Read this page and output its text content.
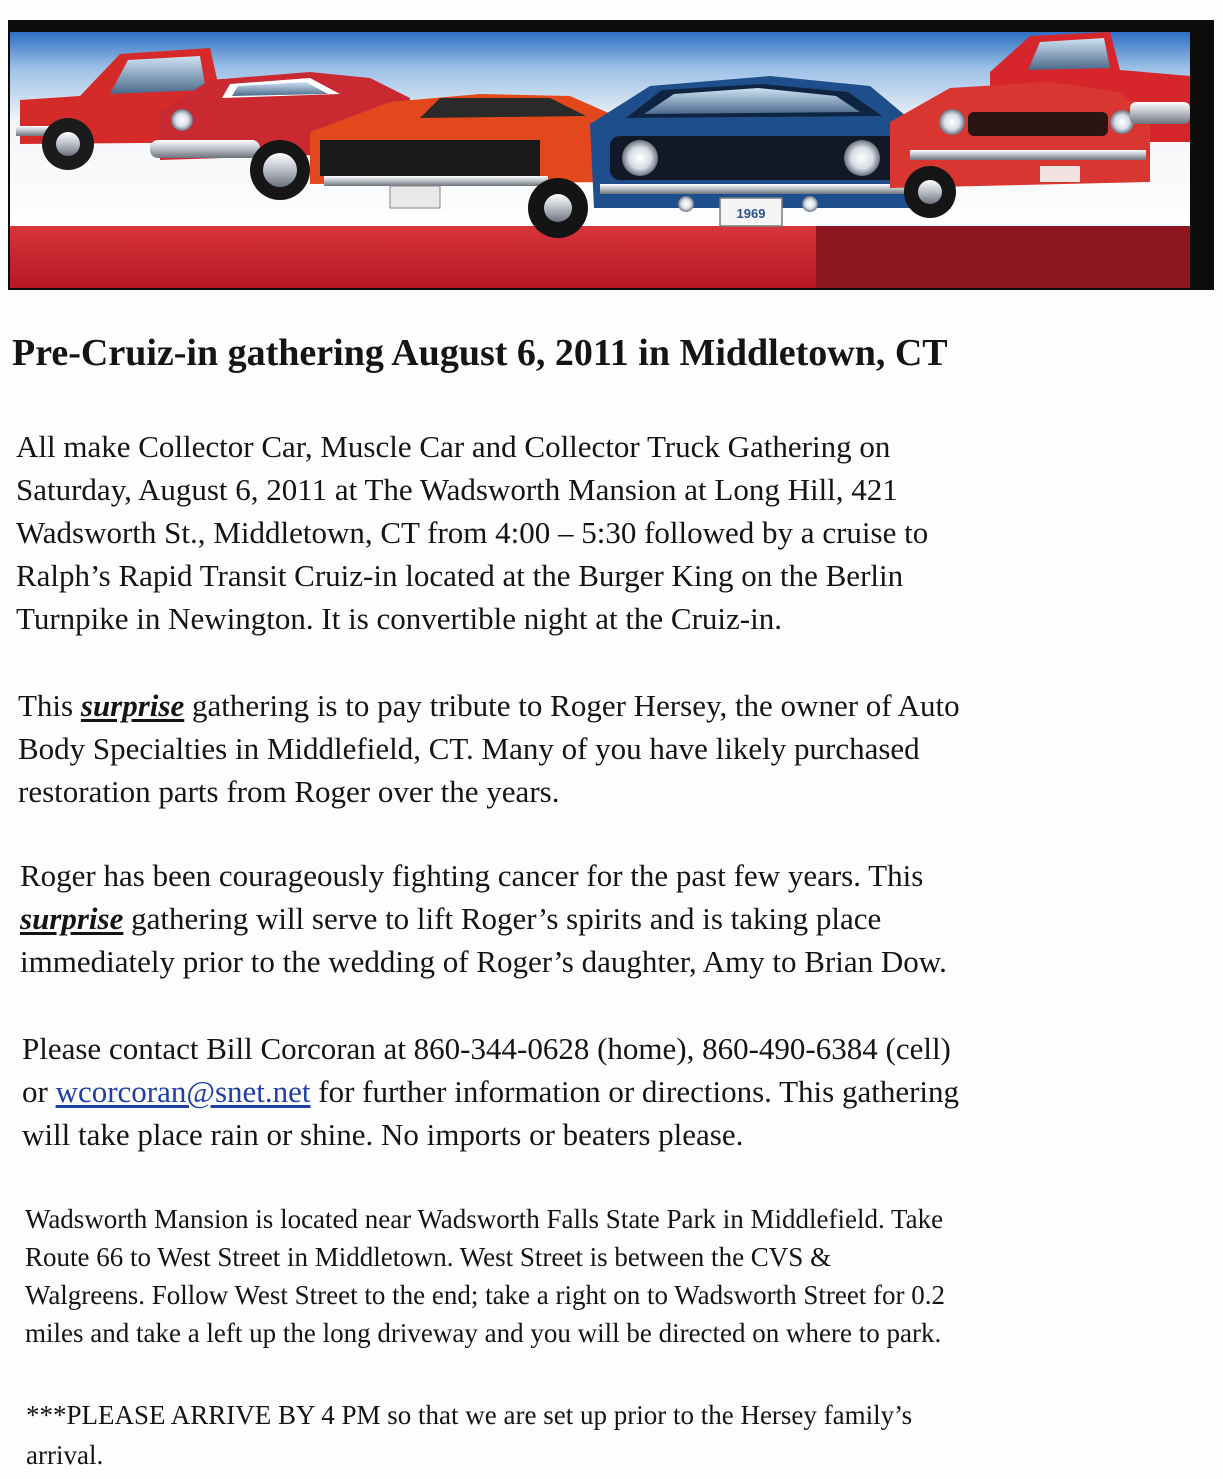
1969
Pre-Cruiz-in gathering August 6, 2011 in Middletown, CT

All make Collector Car, Muscle Car and Collector Truck Gathering on
Saturday, August 6, 2011 at The Wadsworth Mansion at Long Hill, 421
Wadsworth St., Middletown, CT from 4:00 – 5:30 followed by a cruise to
Ralph’s Rapid Transit Cruiz-in located at the Burger King on the Berlin
Turnpike in Newington. It is convertible night at the Cruiz-in.

This surprise gathering is to pay tribute to Roger Hersey, the owner of Auto
Body Specialties in Middlefield, CT. Many of you have likely purchased
restoration parts from Roger over the years.

Roger has been courageously fighting cancer for the past few years. This
surprise gathering will serve to lift Roger’s spirits and is taking place
immediately prior to the wedding of Roger’s daughter, Amy to Brian Dow.

Please contact Bill Corcoran at 860-344-0628 (home), 860-490-6384 (cell)
or wcorcoran@snet.net for further information or directions. This gathering
will take place rain or shine. No imports or beaters please.

Wadsworth Mansion is located near Wadsworth Falls State Park in Middlefield. Take
Route 66 to West Street in Middletown. West Street is between the CVS &
Walgreens. Follow West Street to the end; take a right on to Wadsworth Street for 0.2
miles and take a left up the long driveway and you will be directed on where to park.

***PLEASE ARRIVE BY 4 PM so that we are set up prior to the Hersey family’s
arrival.
